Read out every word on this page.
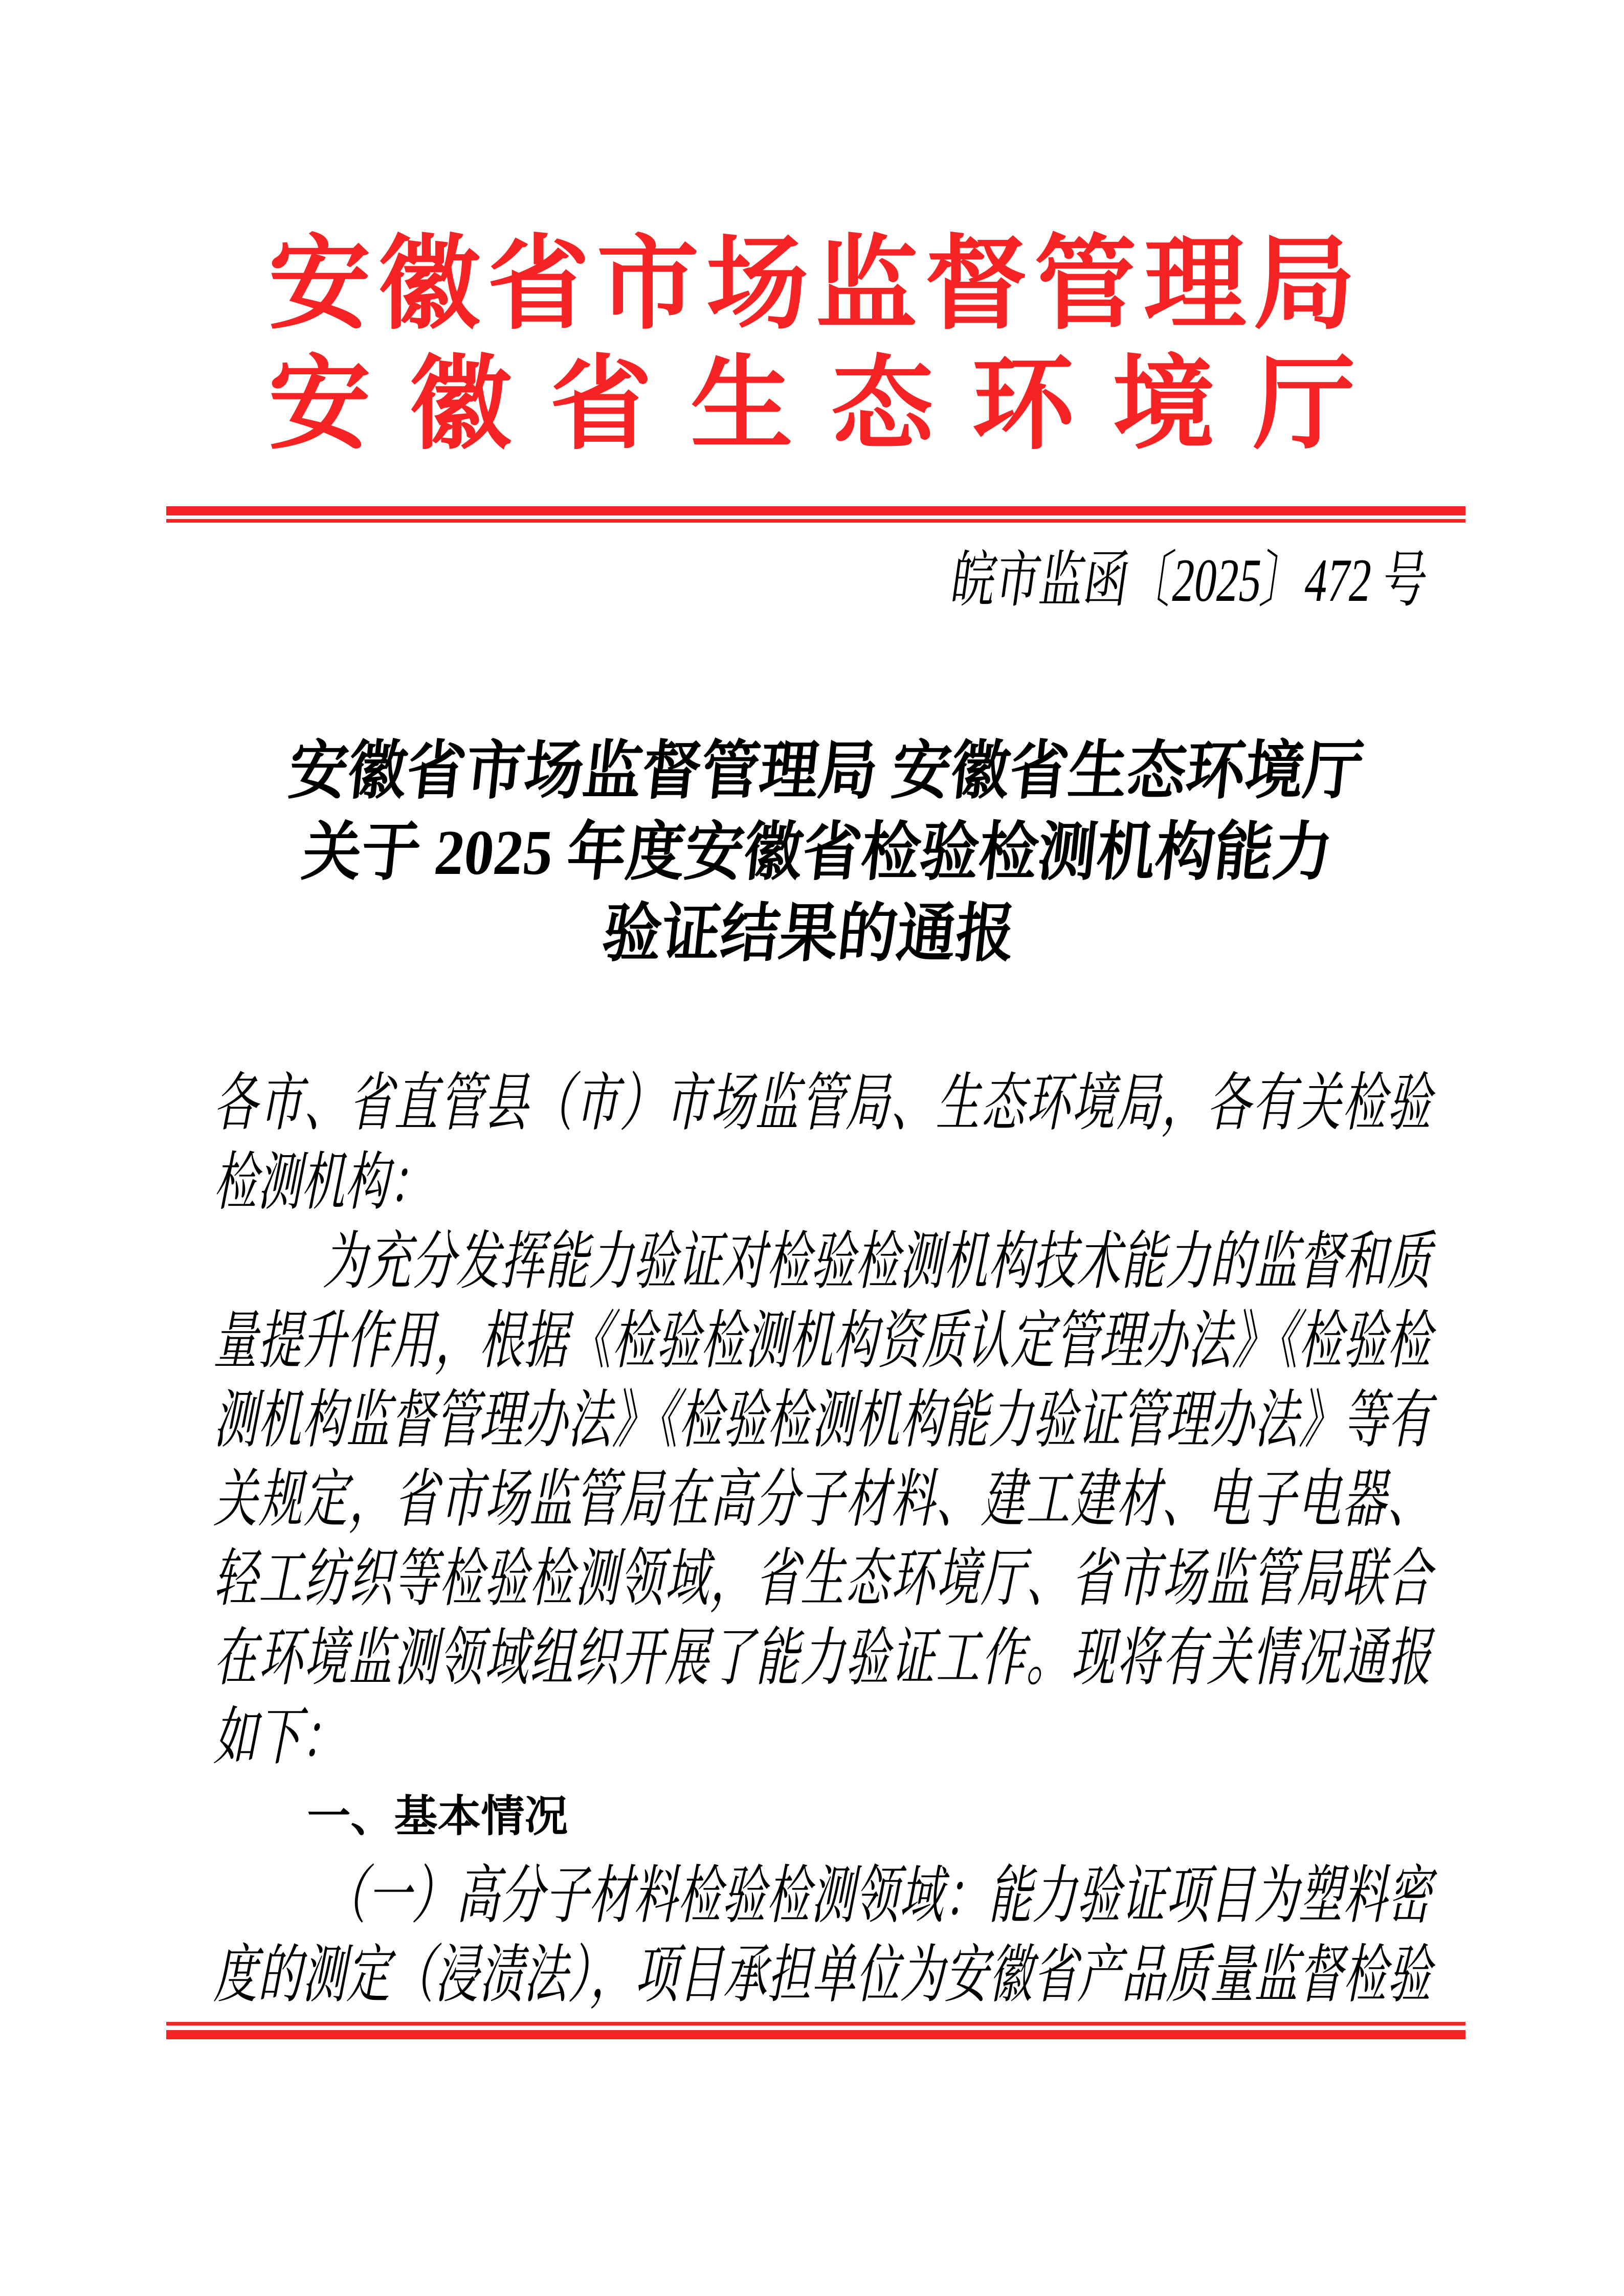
安徽省市场监督管理局
安徽省生态环境厅
皖市监函〔2025〕472 号
安徽省市场监督管理局 安徽省生态环境厅
关于 2025 年度安徽省检验检测机构能力
验证结果的通报
各市、省直管县（市）市场监管局、生态环境局，各有关检验
检测机构：
为充分发挥能力验证对检验检测机构技术能力的监督和质
量提升作用，根据《检验检测机构资质认定管理办法》《检验检
测机构监督管理办法》《检验检测机构能力验证管理办法》等有
关规定，省市场监管局在高分子材料、建工建材、电子电器、
轻工纺织等检验检测领域，省生态环境厅、省市场监管局联合
在环境监测领域组织开展了能力验证工作。现将有关情况通报
如下：
一、基本情况
（一）高分子材料检验检测领域：能力验证项目为塑料密
度的测定（浸渍法），项目承担单位为安徽省产品质量监督检验
